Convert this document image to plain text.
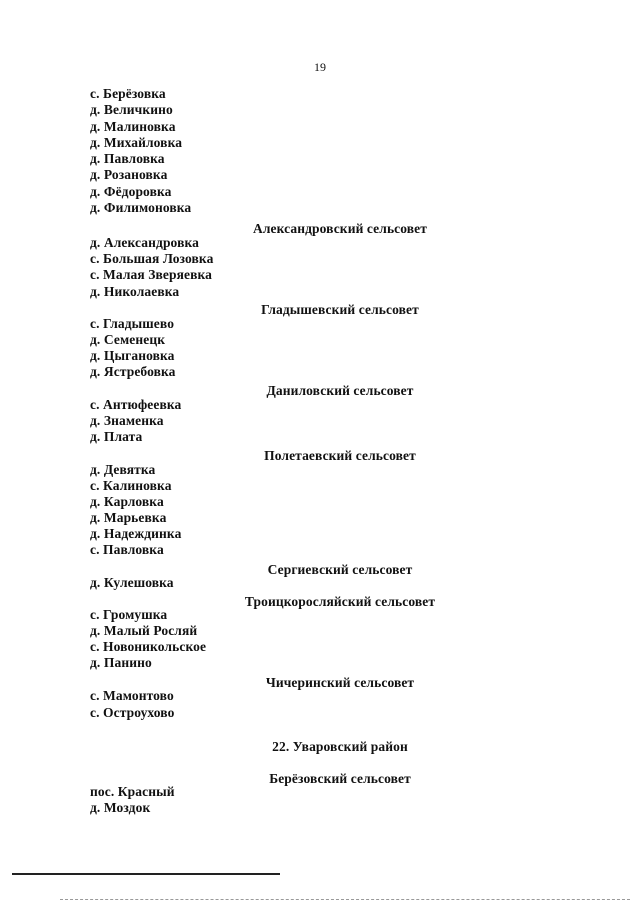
19
с. Берёзовка
д. Величкино
д. Малиновка
д. Михайловка
д. Павловка
д. Розановка
д. Фёдоровка
д. Филимоновка
Александровский сельсовет
д. Александровка
с. Большая Лозовка
с. Малая Зверяевка
д. Николаевка
Гладышевский сельсовет
с. Гладышево
д. Семенецк
д. Цыгановка
д. Ястребовка
Даниловский сельсовет
с. Антюфеевка
д. Знаменка
д. Плата
Полетаевский сельсовет
д. Девятка
с. Калиновка
д. Карловка
д. Марьевка
д. Надеждинка
с. Павловка
Сергиевский сельсовет
д. Кулешовка
Троицкоросляйский сельсовет
с. Громушка
д. Малый Росляй
с. Новоникольское
д. Панино
Чичеринский сельсовет
с. Мамонтово
с. Остроухово
22. Уваровский район
Берёзовский сельсовет
пос. Красный
д. Моздок
